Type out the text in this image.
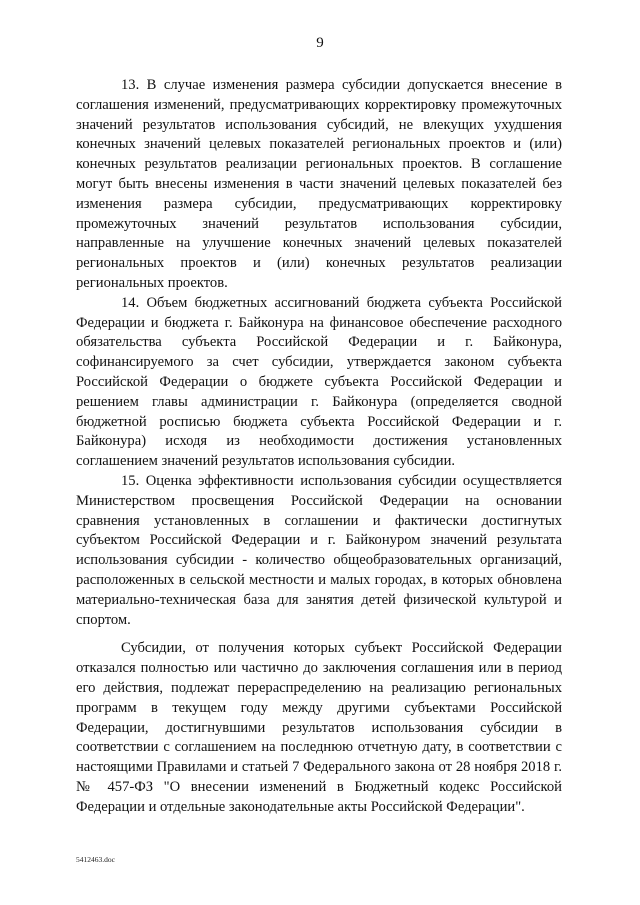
9

13. В случае изменения размера субсидии допускается внесение в соглашения изменений, предусматривающих корректировку промежуточных значений результатов использования субсидий, не влекущих ухудшения конечных значений целевых показателей региональных проектов и (или) конечных результатов реализации региональных проектов. В соглашение могут быть внесены изменения в части значений целевых показателей без изменения размера субсидии, предусматривающих корректировку промежуточных значений результатов использования субсидии, направленные на улучшение конечных значений целевых показателей региональных проектов и (или) конечных результатов реализации региональных проектов.

14. Объем бюджетных ассигнований бюджета субъекта Российской Федерации и бюджета г. Байконура на финансовое обеспечение расходного обязательства субъекта Российской Федерации и г. Байконура, софинансируемого за счет субсидии, утверждается законом субъекта Российской Федерации о бюджете субъекта Российской Федерации и решением главы администрации г. Байконура (определяется сводной бюджетной росписью бюджета субъекта Российской Федерации и г. Байконура) исходя из необходимости достижения установленных соглашением значений результатов использования субсидии.

15. Оценка эффективности использования субсидии осуществляется Министерством просвещения Российской Федерации на основании сравнения установленных в соглашении и фактически достигнутых субъектом Российской Федерации и г. Байконуром значений результата использования субсидии - количество общеобразовательных организаций, расположенных в сельской местности и малых городах, в которых обновлена материально-техническая база для занятия детей физической культурой и спортом.

Субсидии, от получения которых субъект Российской Федерации отказался полностью или частично до заключения соглашения или в период его действия, подлежат перераспределению на реализацию региональных программ в текущем году между другими субъектами Российской Федерации, достигнувшими результатов использования субсидии в соответствии с соглашением на последнюю отчетную дату, в соответствии с настоящими Правилами и статьей 7 Федерального закона от 28 ноября 2018 г. № 457-ФЗ "О внесении изменений в Бюджетный кодекс Российской Федерации и отдельные законодательные акты Российской Федерации".

5412463.doc
